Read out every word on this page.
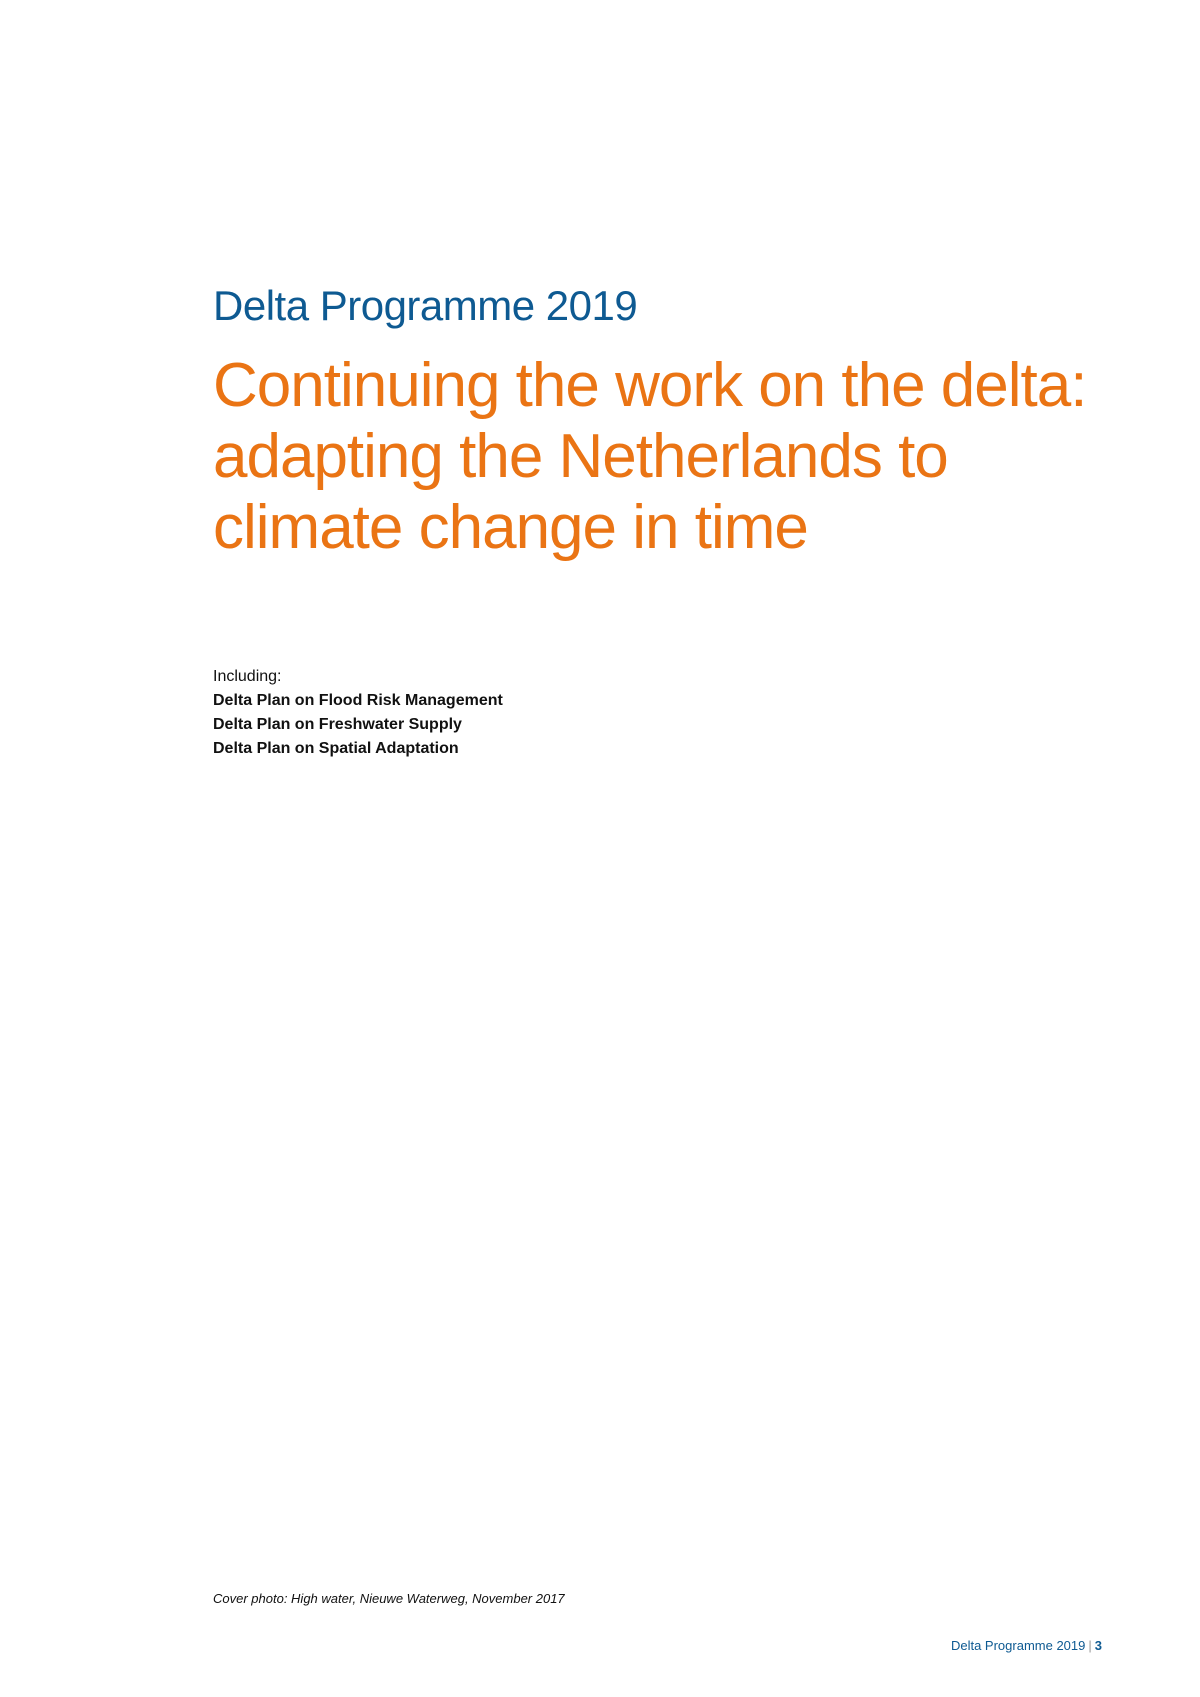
Delta Programme 2019
Continuing the work on the delta:
adapting the Netherlands to
climate change in time
Including:
Delta Plan on Flood Risk Management
Delta Plan on Freshwater Supply
Delta Plan on Spatial Adaptation
Cover photo: High water, Nieuwe Waterweg, November 2017
Delta Programme 2019 | 3
